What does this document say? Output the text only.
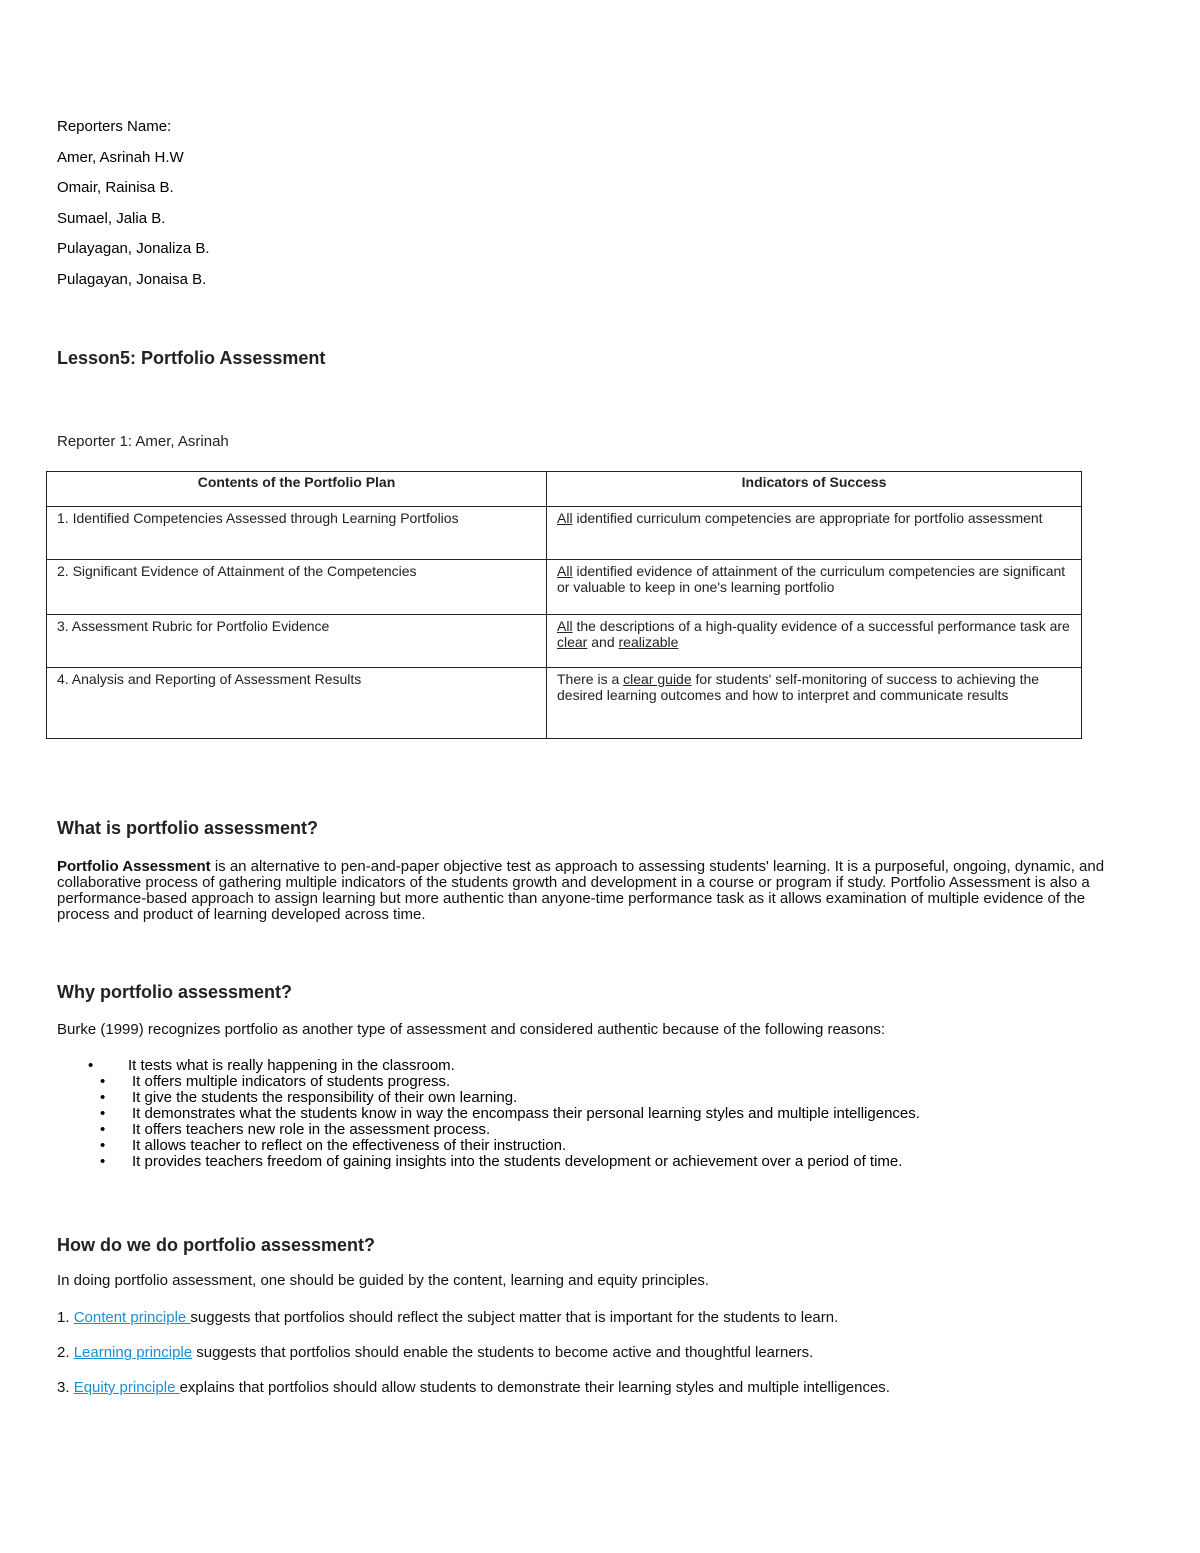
Reporters Name:
Amer, Asrinah H.W
Omair, Rainisa B.
Sumael, Jalia B.
Pulayagan, Jonaliza B.
Pulagayan, Jonaisa B.
Lesson5: Portfolio Assessment
Reporter 1: Amer, Asrinah
Contents of the Portfolio Plan	Indicators of Success
1. Identified Competencies Assessed through Learning Portfolios	All identified curriculum competencies are appropriate for portfolio assessment
2. Significant Evidence of Attainment of the Competencies	All identified evidence of attainment of the curriculum competencies are significant or valuable to keep in one's learning portfolio
3. Assessment Rubric for Portfolio Evidence	All the descriptions of a high-quality evidence of a successful performance task are clear and realizable
4. Analysis and Reporting of Assessment Results	There is a clear guide for students' self-monitoring of success to achieving the desired learning outcomes and how to interpret and communicate results
What is portfolio assessment?
Portfolio Assessment is an alternative to pen-and-paper objective test as approach to assessing students' learning. It is a purposeful, ongoing, dynamic, and collaborative process of gathering multiple indicators of the students growth and development in a course or program if study. Portfolio Assessment is also a performance-based approach to assign learning but more authentic than anyone-time performance task as it allows examination of multiple evidence of the process and product of learning developed across time.
Why portfolio assessment?
Burke (1999) recognizes portfolio as another type of assessment and considered authentic because of the following reasons:
• It tests what is really happening in the classroom.
• It offers multiple indicators of students progress.
• It give the students the responsibility of their own learning.
• It demonstrates what the students know in way the encompass their personal learning styles and multiple intelligences.
• It offers teachers new role in the assessment process.
• It allows teacher to reflect on the effectiveness of their instruction.
• It provides teachers freedom of gaining insights into the students development or achievement over a period of time.
How do we do portfolio assessment?
In doing portfolio assessment, one should be guided by the content, learning and equity principles.
1. Content principle suggests that portfolios should reflect the subject matter that is important for the students to learn.
2. Learning principle suggests that portfolios should enable the students to become active and thoughtful learners.
3. Equity principle explains that portfolios should allow students to demonstrate their learning styles and multiple intelligences.
